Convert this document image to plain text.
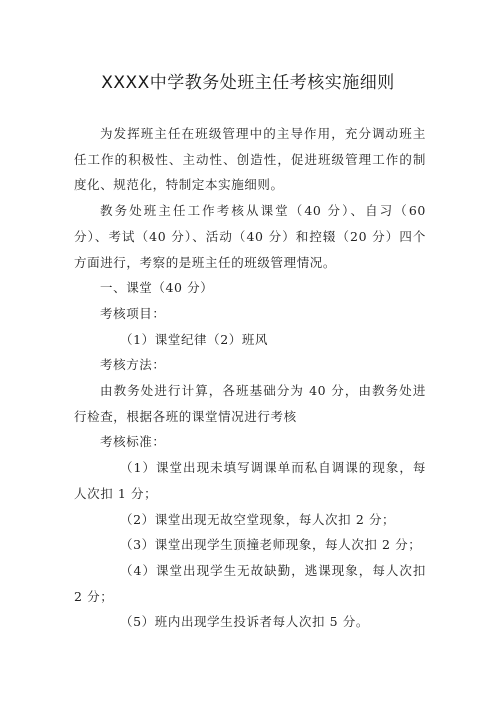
XXXX中学教务处班主任考核实施细则

为发挥班主任在班级管理中的主导作用，充分调动班主任工作的积极性、主动性、创造性，促进班级管理工作的制度化、规范化，特制定本实施细则。

教务处班主任工作考核从课堂（40 分）、自习（60 分）、考试（40 分）、活动（40 分）和控辍（20 分）四个方面进行，考察的是班主任的班级管理情况。

一、课堂（40 分）

考核项目：

（1）课堂纪律（2）班风

考核方法：

由教务处进行计算，各班基础分为 40 分，由教务处进行检查，根据各班的课堂情况进行考核

考核标准：

（1）课堂出现未填写调课单而私自调课的现象，每人次扣 1 分；

（2）课堂出现无故空堂现象，每人次扣 2 分；

（3）课堂出现学生顶撞老师现象，每人次扣 2 分；

（4）课堂出现学生无故缺勤，逃课现象，每人次扣 2 分；

（5）班内出现学生投诉者每人次扣 5 分。
